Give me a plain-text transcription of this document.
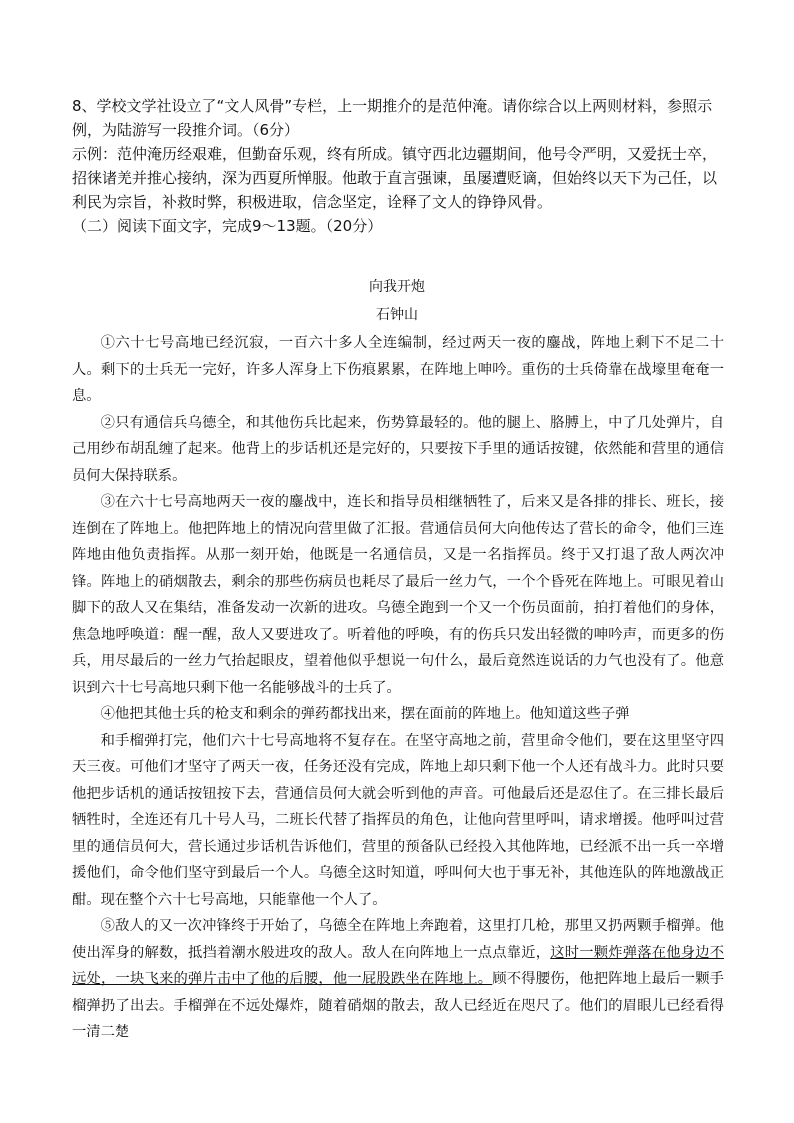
8、学校文学社设立了“文人风骨”专栏，上一期推介的是范仲淹。请你综合以上两则材料，参照示例，为陆游写一段推介词。（6分）

示例：范仲淹历经艰难，但勤奋乐观，终有所成。镇守西北边疆期间，他号令严明，又爱抚士卒，招徕诸羌并推心接纳，深为西夏所惮服。他敢于直言强谏，虽屡遭贬谪，但始终以天下为己任，以利民为宗旨，补救时弊，积极进取，信念坚定，诠释了文人的铮铮风骨。

（二）阅读下面文字，完成9～13题。（20分）

向我开炮
石钟山

①六十七号高地已经沉寂，一百六十多人全连编制，经过两天一夜的鏖战，阵地上剩下不足二十人。剩下的士兵无一完好，许多人浑身上下伤痕累累，在阵地上呻吟。重伤的士兵倚靠在战壕里奄奄一息。

②只有通信兵乌德全，和其他伤兵比起来，伤势算最轻的。他的腿上、胳膊上，中了几处弹片，自己用纱布胡乱缠了起来。他背上的步话机还是完好的，只要按下手里的通话按键，依然能和营里的通信员何大保持联系。

③在六十七号高地两天一夜的鏖战中，连长和指导员相继牺牲了，后来又是各排的排长、班长，接连倒在了阵地上。他把阵地上的情况向营里做了汇报。营通信员何大向他传达了营长的命令，他们三连阵地由他负责指挥。从那一刻开始，他既是一名通信员，又是一名指挥员。终于又打退了敌人两次冲锋。阵地上的硝烟散去，剩余的那些伤病员也耗尽了最后一丝力气，一个个昏死在阵地上。可眼见着山脚下的敌人又在集结，准备发动一次新的进攻。乌德全跑到一个又一个伤员面前，拍打着他们的身体，焦急地呼唤道：醒一醒，敌人又要进攻了。听着他的呼唤，有的伤兵只发出轻微的呻吟声，而更多的伤兵，用尽最后的一丝力气抬起眼皮，望着他似乎想说一句什么，最后竟然连说话的力气也没有了。他意识到六十七号高地只剩下他一名能够战斗的士兵了。

④他把其他士兵的枪支和剩余的弹药都找出来，摆在面前的阵地上。他知道这些子弹

和手榴弹打完，他们六十七号高地将不复存在。在坚守高地之前，营里命令他们，要在这里坚守四天三夜。可他们才坚守了两天一夜，任务还没有完成，阵地上却只剩下他一个人还有战斗力。此时只要他把步话机的通话按钮按下去，营通信员何大就会听到他的声音。可他最后还是忍住了。在三排长最后牺牲时，全连还有几十号人马，二班长代替了指挥员的角色，让他向营里呼叫，请求增援。他呼叫过营里的通信员何大，营长通过步话机告诉他们，营里的预备队已经投入其他阵地，已经派不出一兵一卒增援他们，命令他们坚守到最后一个人。乌德全这时知道，呼叫何大也于事无补，其他连队的阵地激战正酣。现在整个六十七号高地，只能靠他一个人了。

⑤敌人的又一次冲锋终于开始了，乌德全在阵地上奔跑着，这里打几枪，那里又扔两颗手榴弹。他使出浑身的解数，抵挡着潮水般进攻的敌人。敌人在向阵地上一点点靠近，这时一颗炸弹落在他身边不远处，一块飞来的弹片击中了他的后腰，他一屁股跌坐在阵地上。顾不得腰伤，他把阵地上最后一颗手榴弹扔了出去。手榴弹在不远处爆炸，随着硝烟的散去，敌人已经近在咫尺了。他们的眉眼儿已经看得一清二楚
